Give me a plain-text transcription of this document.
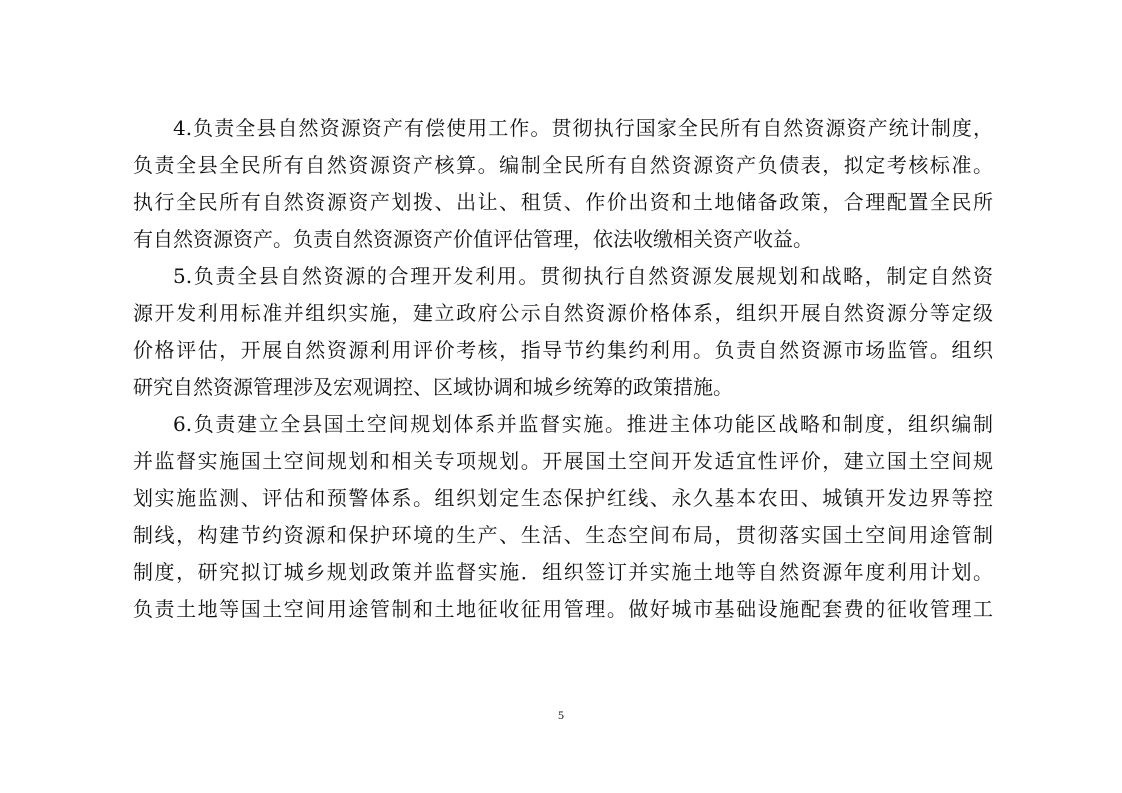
4.负责全县自然资源资产有偿使用工作。贯彻执行国家全民所有自然资源资产统计制度，
负责全县全民所有自然资源资产核算。编制全民所有自然资源资产负债表，拟定考核标准。
执行全民所有自然资源资产划拨、出让、租赁、作价出资和土地储备政策，合理配置全民所
有自然资源资产。负责自然资源资产价值评估管理，依法收缴相关资产收益。
5.负责全县自然资源的合理开发利用。贯彻执行自然资源发展规划和战略，制定自然资
源开发利用标准并组织实施，建立政府公示自然资源价格体系，组织开展自然资源分等定级
价格评估，开展自然资源利用评价考核，指导节约集约利用。负责自然资源市场监管。组织
研究自然资源管理涉及宏观调控、区域协调和城乡统筹的政策措施。
6.负责建立全县国土空间规划体系并监督实施。推进主体功能区战略和制度，组织编制
并监督实施国土空间规划和相关专项规划。开展国土空间开发适宜性评价，建立国土空间规
划实施监测、评估和预警体系。组织划定生态保护红线、永久基本农田、城镇开发边界等控
制线，构建节约资源和保护环境的生产、生活、生态空间布局，贯彻落实国土空间用途管制
制度，研究拟订城乡规划政策并监督实施．组织签订并实施土地等自然资源年度利用计划。
负责土地等国土空间用途管制和土地征收征用管理。做好城市基础设施配套费的征收管理工
5
